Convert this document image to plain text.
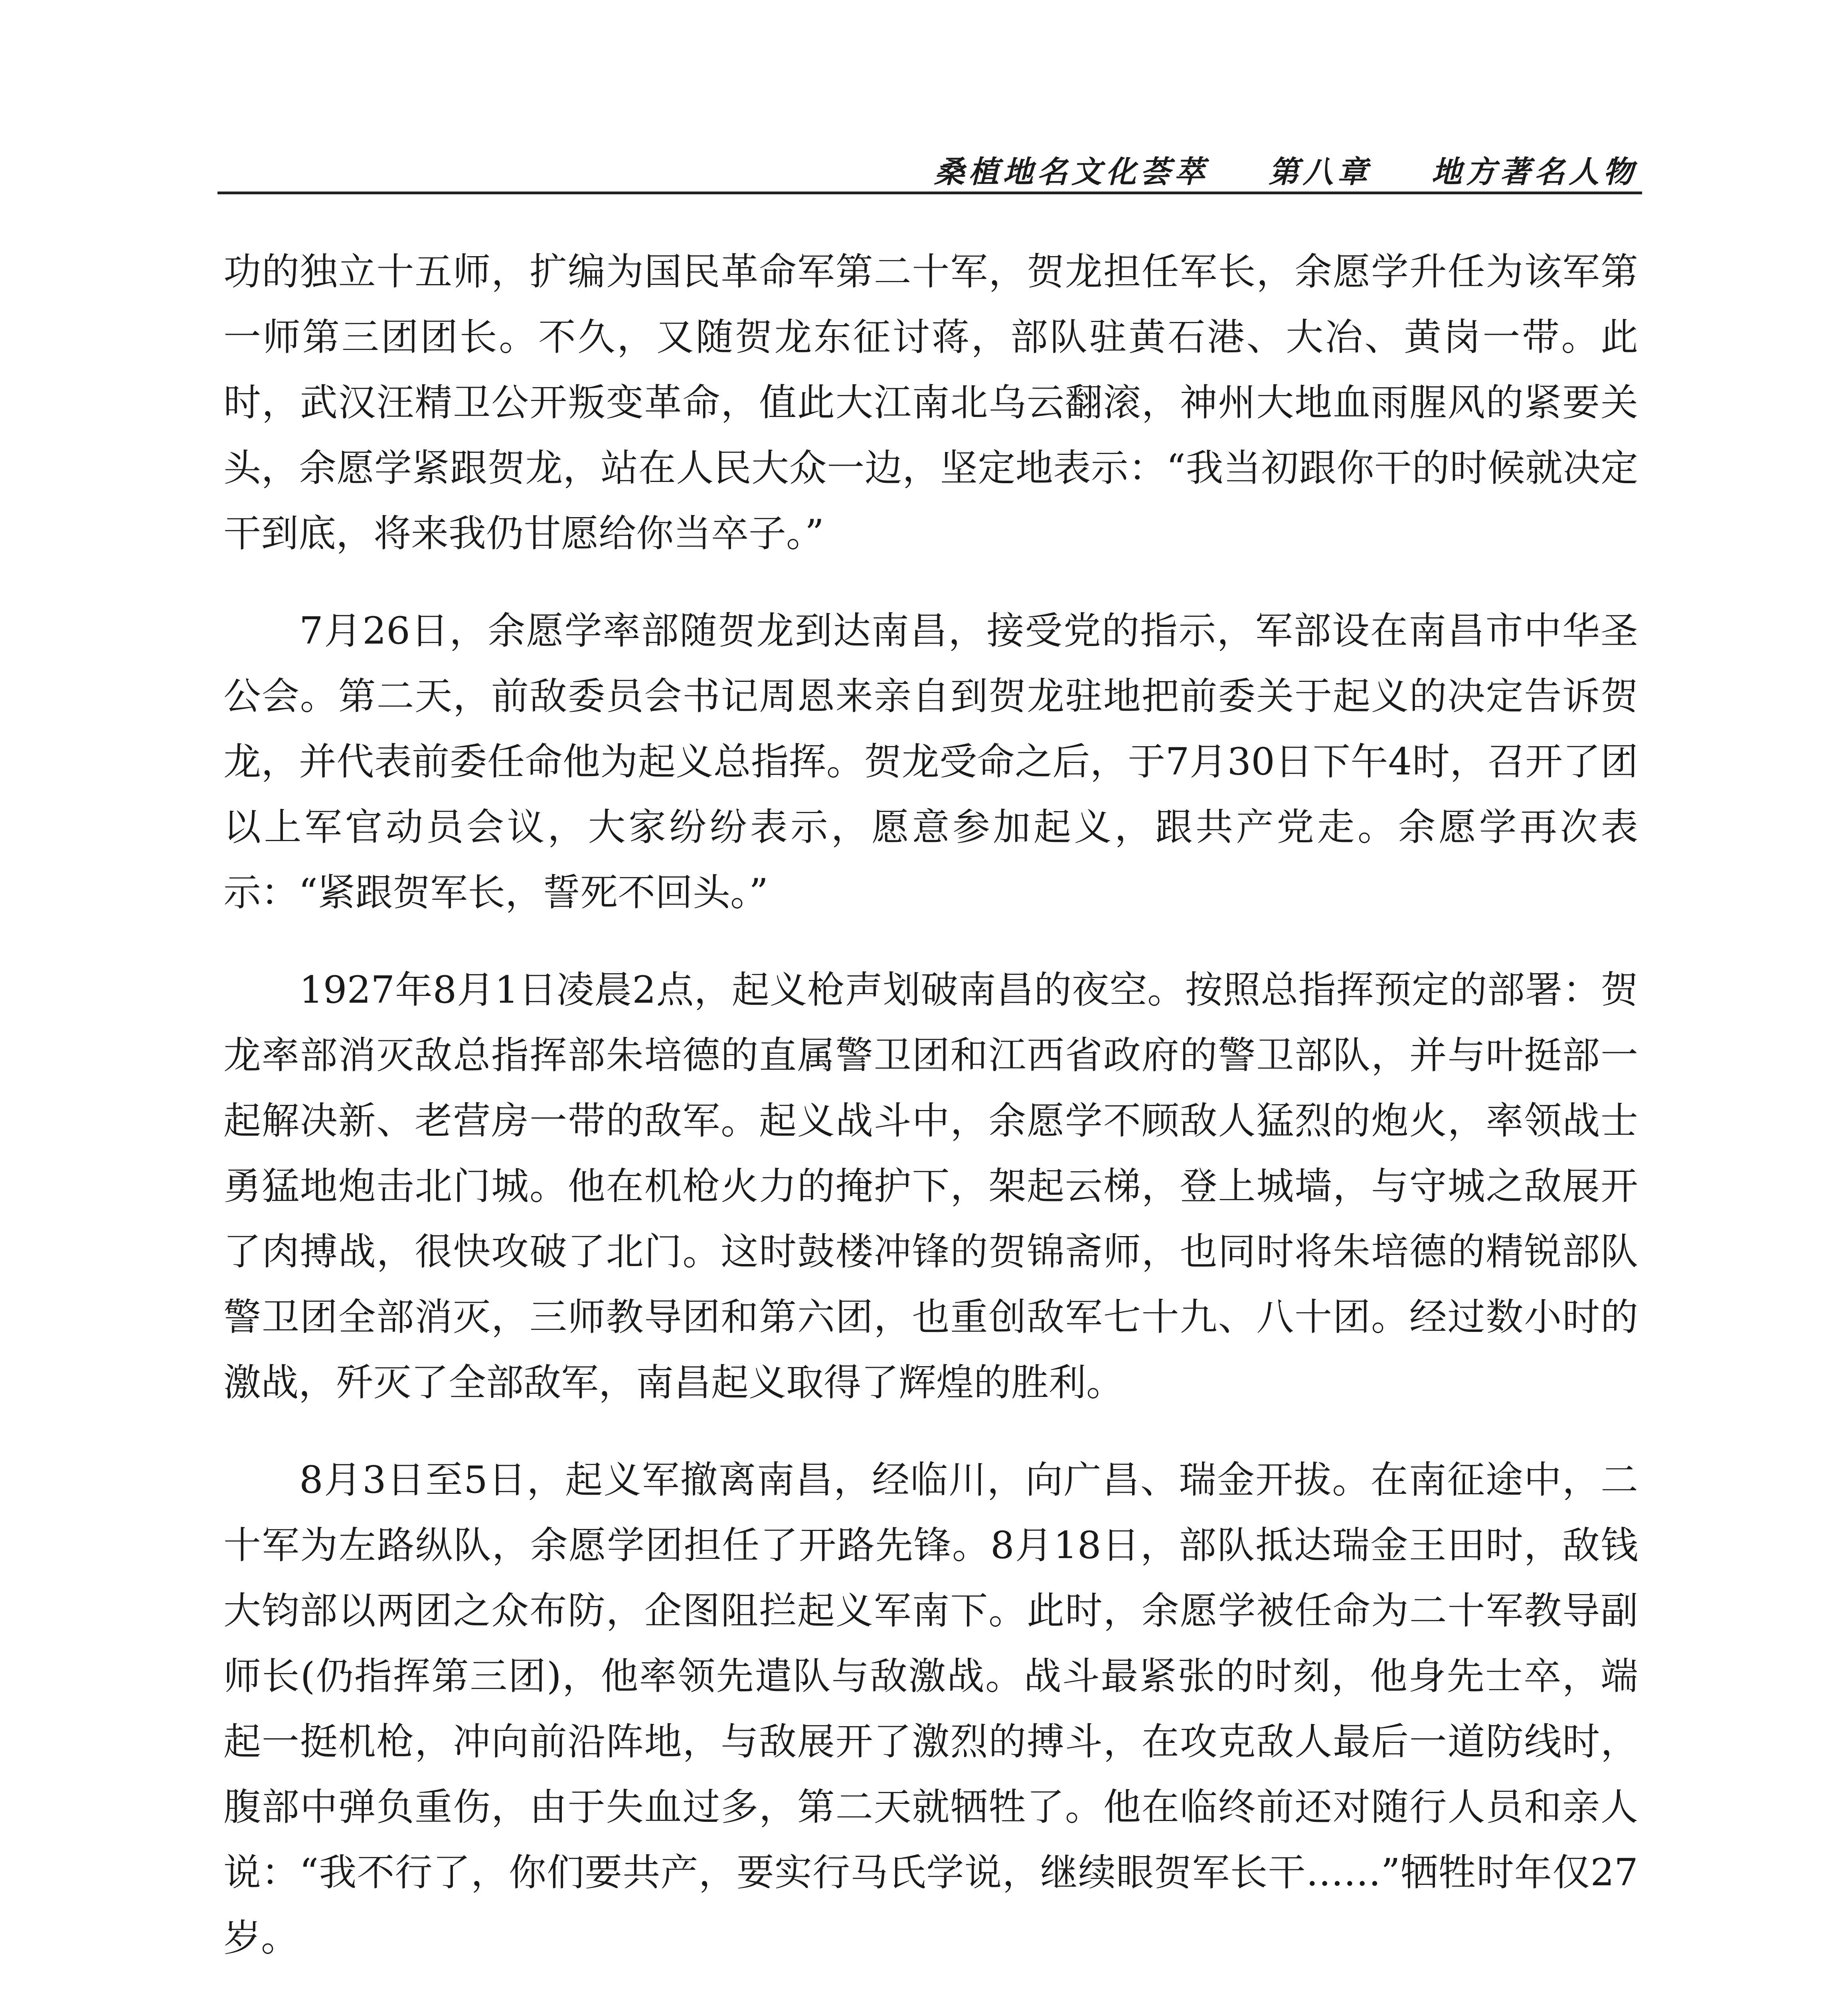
桑植地名文化荟萃 第八章 地方著名人物

功的独立十五师，扩编为国民革命军第二十军，贺龙担任军长，余愿学升任为该军第一师第三团团长。不久，又随贺龙东征讨蒋，部队驻黄石港、大冶、黄岗一带。此时，武汉汪精卫公开叛变革命，值此大江南北乌云翻滚，神州大地血雨腥风的紧要关头，余愿学紧跟贺龙，站在人民大众一边，坚定地表示：“我当初跟你干的时候就决定干到底，将来我仍甘愿给你当卒子。”

7月26日，余愿学率部随贺龙到达南昌，接受党的指示，军部设在南昌市中华圣公会。第二天，前敌委员会书记周恩来亲自到贺龙驻地把前委关于起义的决定告诉贺龙，并代表前委任命他为起义总指挥。贺龙受命之后，于7月30日下午4时，召开了团以上军官动员会议，大家纷纷表示，愿意参加起义，跟共产党走。余愿学再次表示：“紧跟贺军长，誓死不回头。”

1927年8月1日凌晨2点，起义枪声划破南昌的夜空。按照总指挥预定的部署：贺龙率部消灭敌总指挥部朱培德的直属警卫团和江西省政府的警卫部队，并与叶挺部一起解决新、老营房一带的敌军。起义战斗中，余愿学不顾敌人猛烈的炮火，率领战士勇猛地炮击北门城。他在机枪火力的掩护下，架起云梯，登上城墙，与守城之敌展开了肉搏战，很快攻破了北门。这时鼓楼冲锋的贺锦斋师，也同时将朱培德的精锐部队警卫团全部消灭，三师教导团和第六团，也重创敌军七十九、八十团。经过数小时的激战，歼灭了全部敌军，南昌起义取得了辉煌的胜利。

8月3日至5日，起义军撤离南昌，经临川，向广昌、瑞金开拔。在南征途中，二十军为左路纵队，余愿学团担任了开路先锋。8月18日，部队抵达瑞金王田时，敌钱大钧部以两团之众布防，企图阻拦起义军南下。此时，余愿学被任命为二十军教导副师长(仍指挥第三团)，他率领先遣队与敌激战。战斗最紧张的时刻，他身先士卒，端起一挺机枪，冲向前沿阵地，与敌展开了激烈的搏斗，在攻克敌人最后一道防线时，腹部中弹负重伤，由于失血过多，第二天就牺牲了。他在临终前还对随行人员和亲人说：“我不行了，你们要共产，要实行马氏学说，继续眼贺军长干……”牺牲时年仅27岁。
